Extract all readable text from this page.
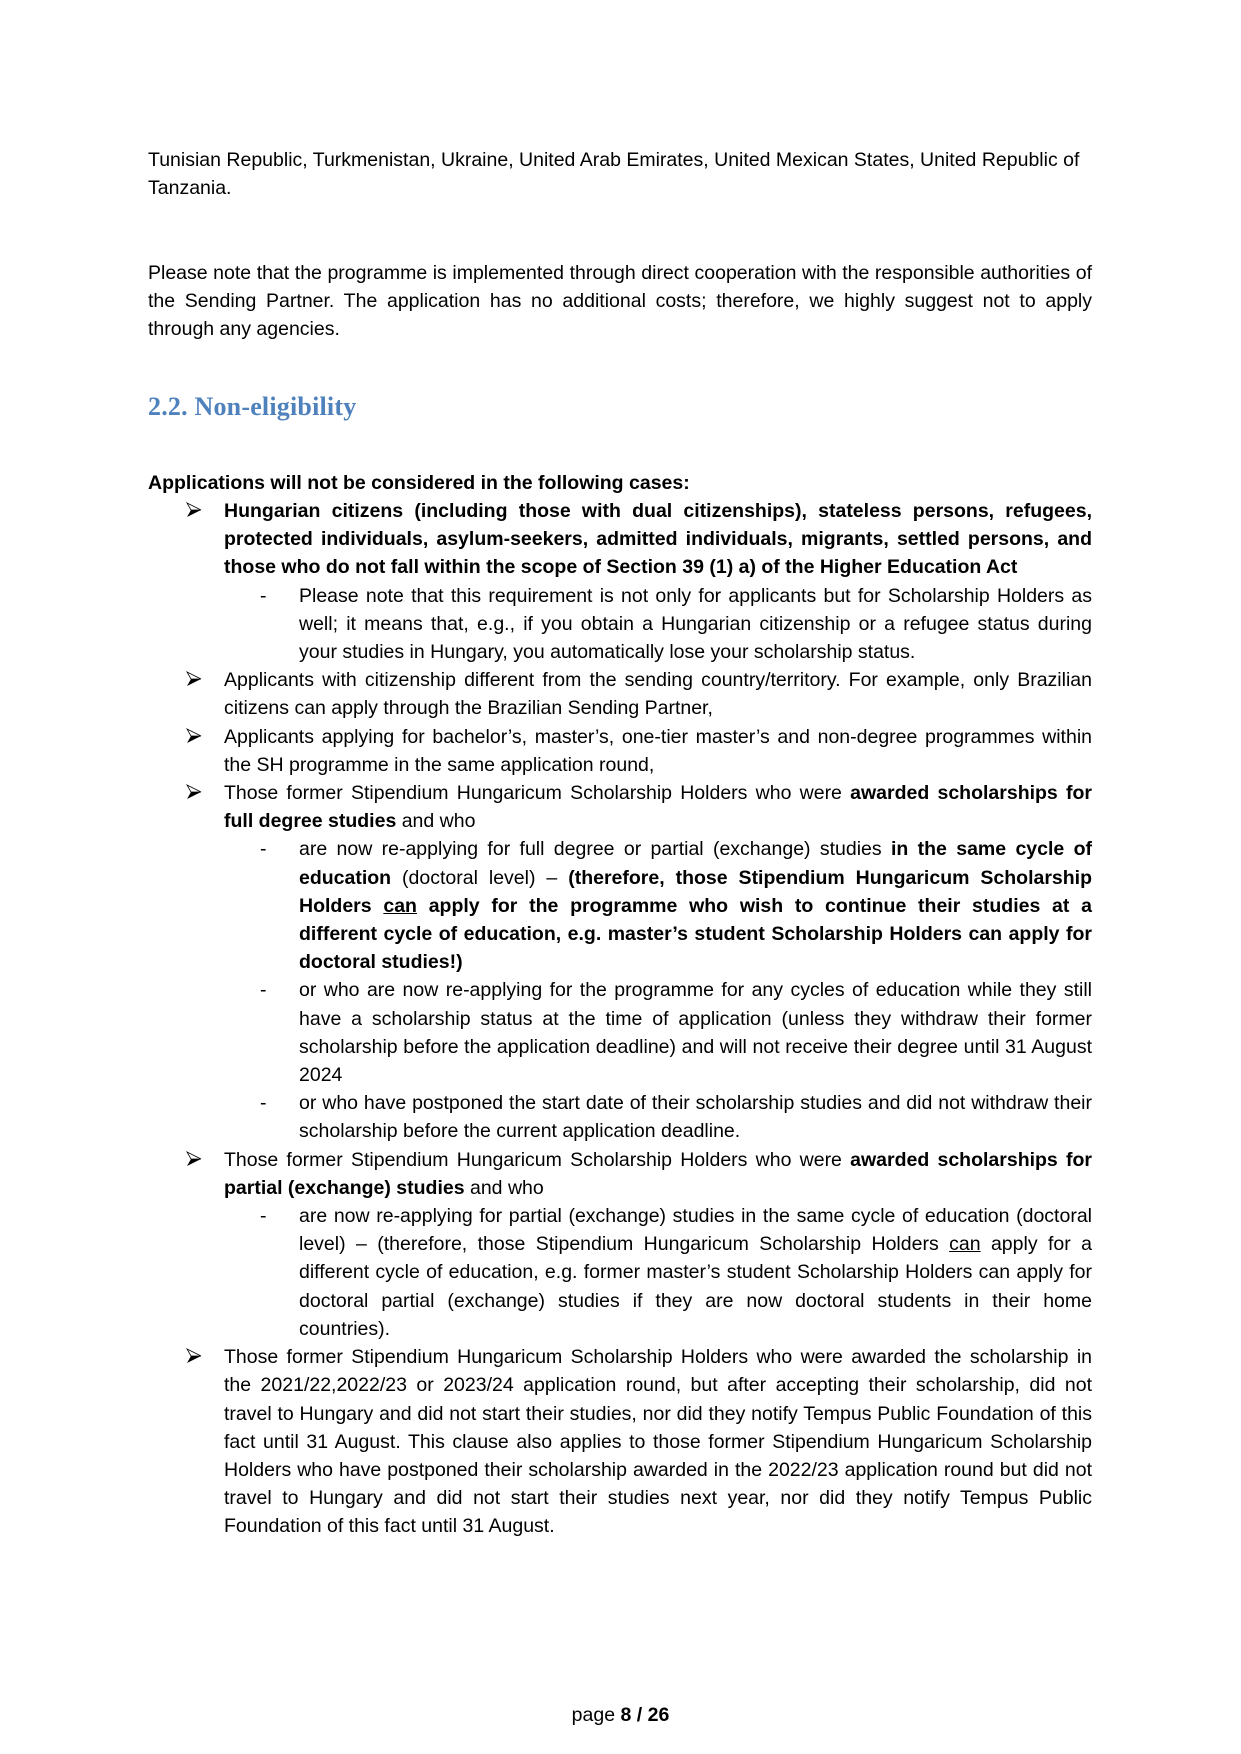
Tunisian Republic, Turkmenistan, Ukraine, United Arab Emirates, United Mexican States, United Republic of Tanzania.

Please note that the programme is implemented through direct cooperation with the responsible authorities of the Sending Partner. The application has no additional costs; therefore, we highly suggest not to apply through any agencies.

2.2. Non-eligibility

Applications will not be considered in the following cases:

Hungarian citizens (including those with dual citizenships), stateless persons, refugees, protected individuals, asylum-seekers, admitted individuals, migrants, settled persons, and those who do not fall within the scope of Section 39 (1) a) of the Higher Education Act

- Please note that this requirement is not only for applicants but for Scholarship Holders as well; it means that, e.g., if you obtain a Hungarian citizenship or a refugee status during your studies in Hungary, you automatically lose your scholarship status.

Applicants with citizenship different from the sending country/territory. For example, only Brazilian citizens can apply through the Brazilian Sending Partner,

Applicants applying for bachelor’s, master’s, one-tier master’s and non-degree programmes within the SH programme in the same application round,

Those former Stipendium Hungaricum Scholarship Holders who were awarded scholarships for full degree studies and who

- are now re-applying for full degree or partial (exchange) studies in the same cycle of education (doctoral level) – (therefore, those Stipendium Hungaricum Scholarship Holders can apply for the programme who wish to continue their studies at a different cycle of education, e.g. master’s student Scholarship Holders can apply for doctoral studies!)

- or who are now re-applying for the programme for any cycles of education while they still have a scholarship status at the time of application (unless they withdraw their former scholarship before the application deadline) and will not receive their degree until 31 August 2024

- or who have postponed the start date of their scholarship studies and did not withdraw their scholarship before the current application deadline.

Those former Stipendium Hungaricum Scholarship Holders who were awarded scholarships for partial (exchange) studies and who

- are now re-applying for partial (exchange) studies in the same cycle of education (doctoral level) – (therefore, those Stipendium Hungaricum Scholarship Holders can apply for a different cycle of education, e.g. former master’s student Scholarship Holders can apply for doctoral partial (exchange) studies if they are now doctoral students in their home countries).

Those former Stipendium Hungaricum Scholarship Holders who were awarded the scholarship in the 2021/22,2022/23 or 2023/24 application round, but after accepting their scholarship, did not travel to Hungary and did not start their studies, nor did they notify Tempus Public Foundation of this fact until 31 August. This clause also applies to those former Stipendium Hungaricum Scholarship Holders who have postponed their scholarship awarded in the 2022/23 application round but did not travel to Hungary and did not start their studies next year, nor did they notify Tempus Public Foundation of this fact until 31 August.

page 8 / 26
